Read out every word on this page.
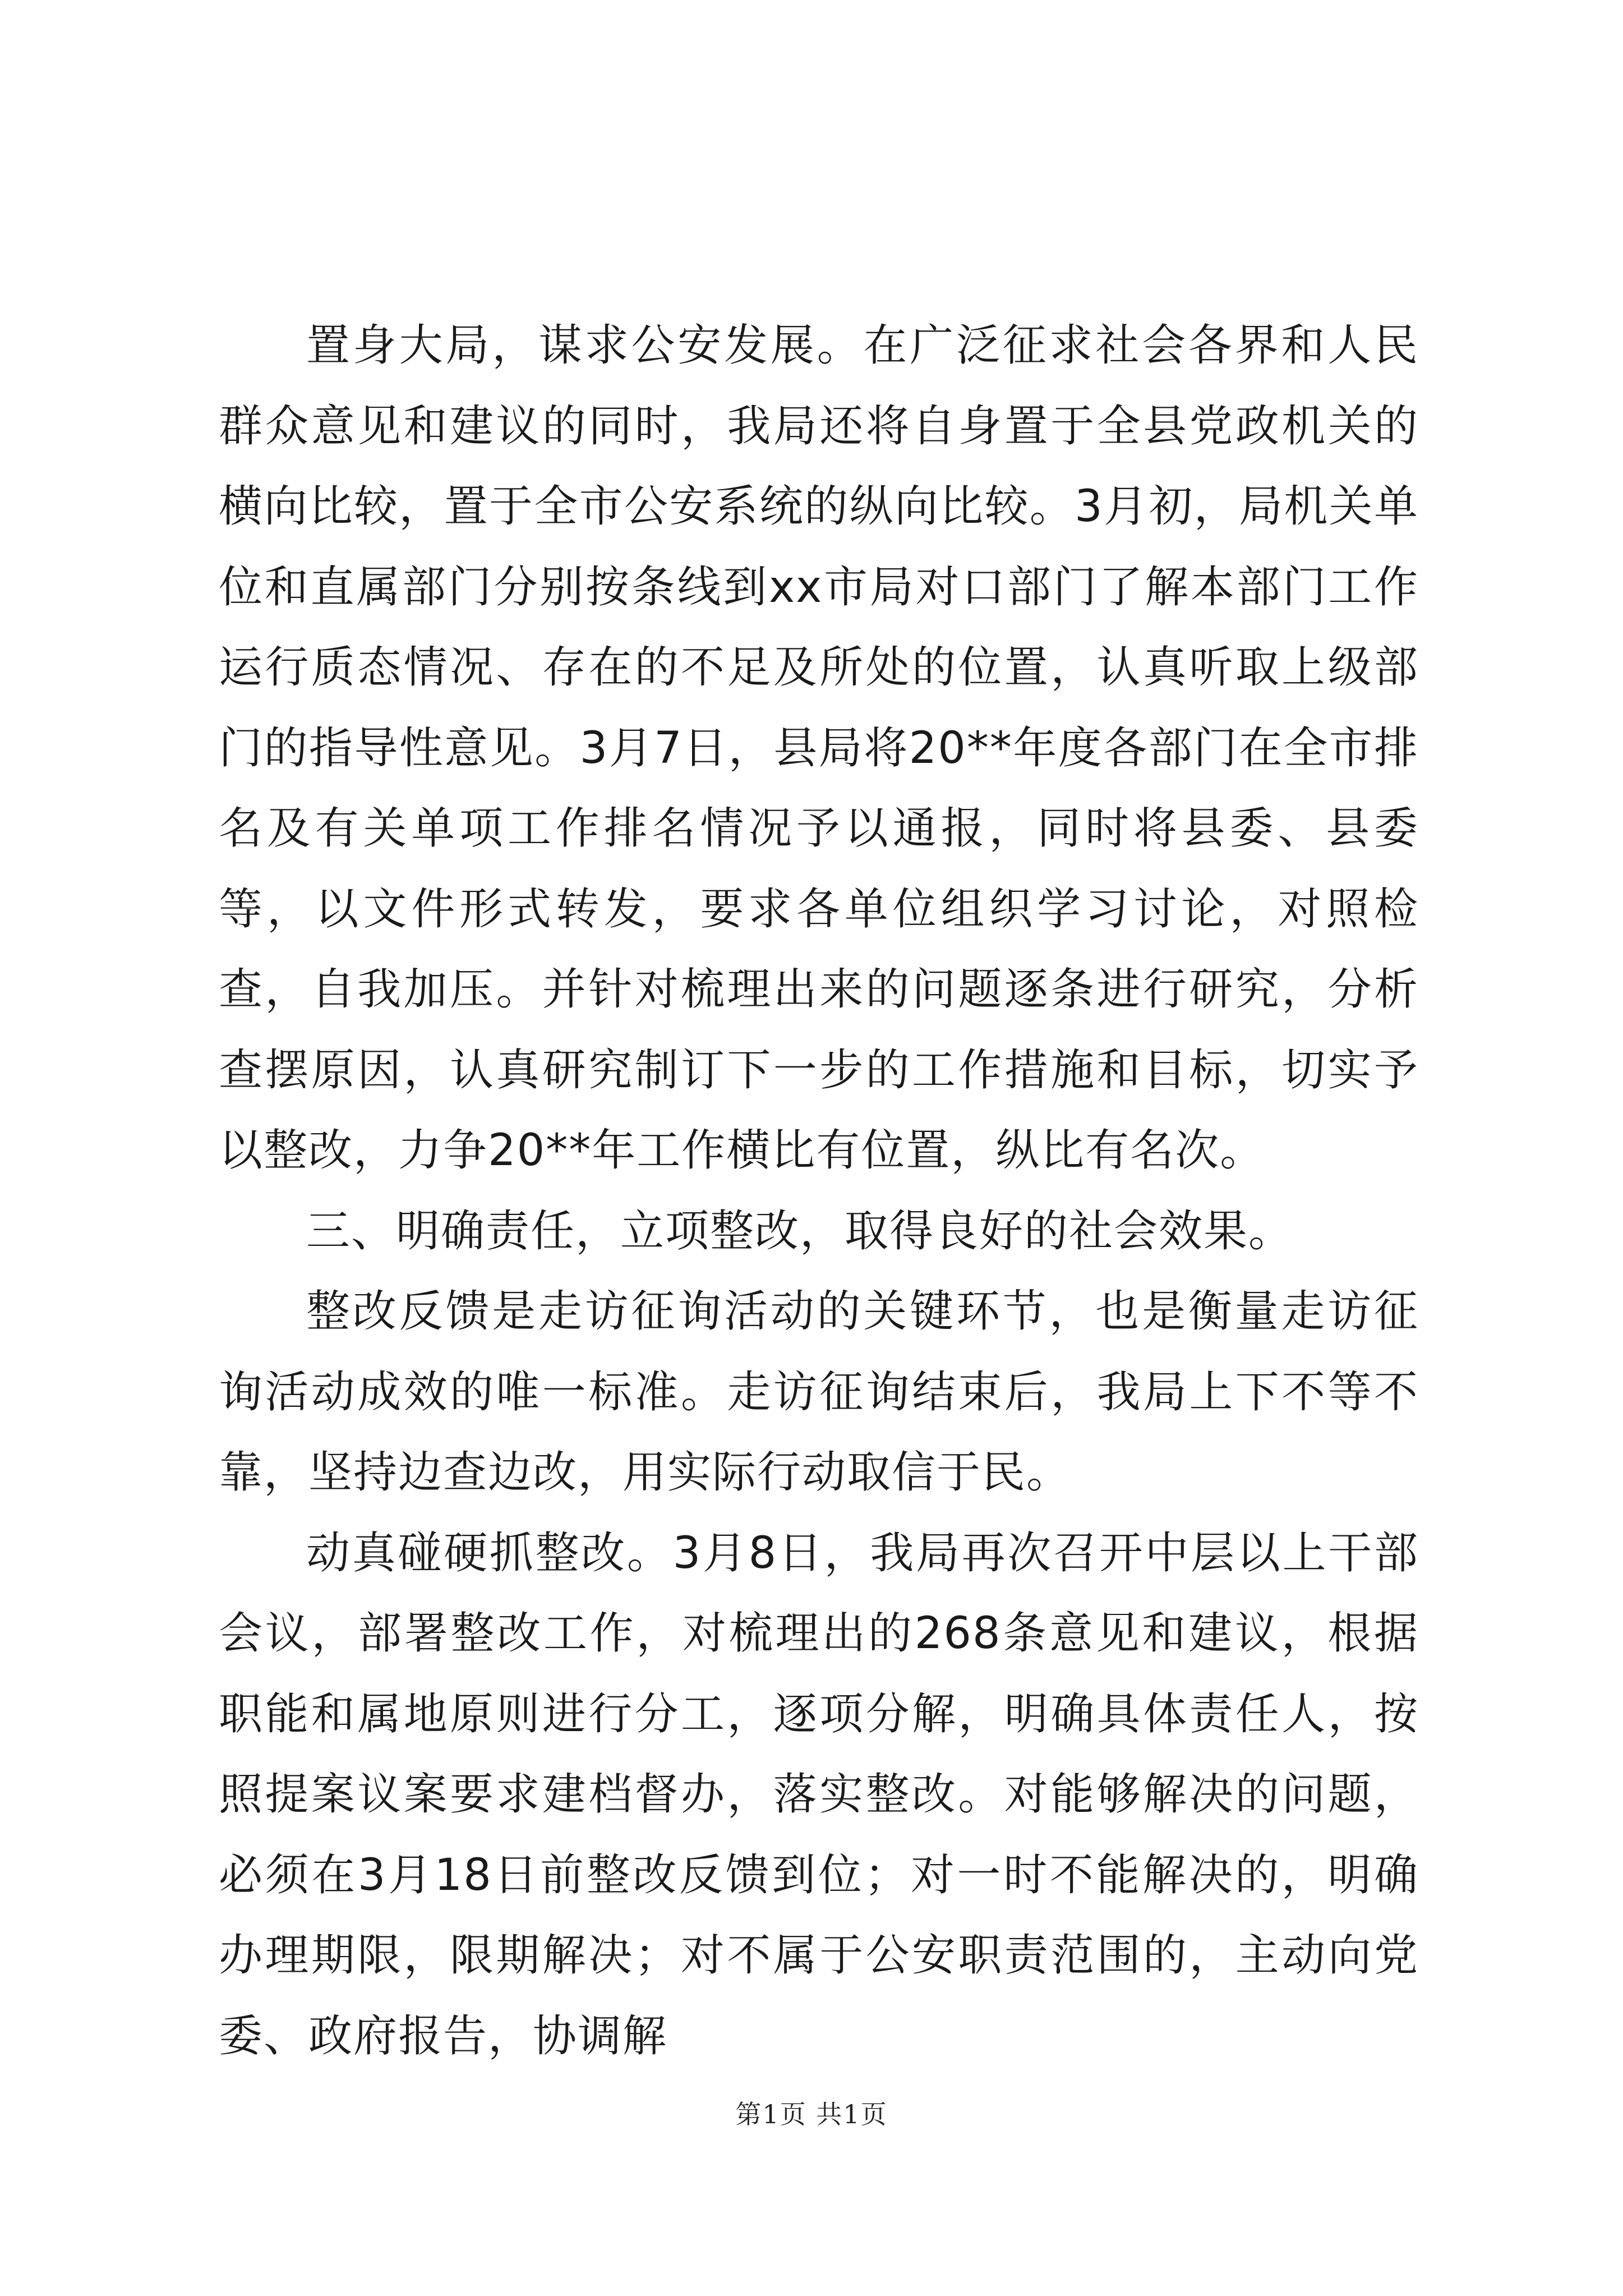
置身大局，谋求公安发展。在广泛征求社会各界和人民群众意见和建议的同时，我局还将自身置于全县党政机关的横向比较，置于全市公安系统的纵向比较。3月初，局机关单位和直属部门分别按条线到xx市局对口部门了解本部门工作运行质态情况、存在的不足及所处的位置，认真听取上级部门的指导性意见。3月7日，县局将20**年度各部门在全市排名及有关单项工作排名情况予以通报，同时将县委、县委等，以文件形式转发，要求各单位组织学习讨论，对照检查，自我加压。并针对梳理出来的问题逐条进行研究，分析查摆原因，认真研究制订下一步的工作措施和目标，切实予以整改，力争20**年工作横比有位置，纵比有名次。

三、明确责任，立项整改，取得良好的社会效果。

整改反馈是走访征询活动的关键环节，也是衡量走访征询活动成效的唯一标准。走访征询结束后，我局上下不等不靠，坚持边查边改，用实际行动取信于民。

动真碰硬抓整改。3月8日，我局再次召开中层以上干部会议，部署整改工作，对梳理出的268条意见和建议，根据职能和属地原则进行分工，逐项分解，明确具体责任人，按照提案议案要求建档督办，落实整改。对能够解决的问题，必须在3月18日前整改反馈到位；对一时不能解决的，明确办理期限，限期解决；对不属于公安职责范围的，主动向党委、政府报告，协调解

第1页 共1页
